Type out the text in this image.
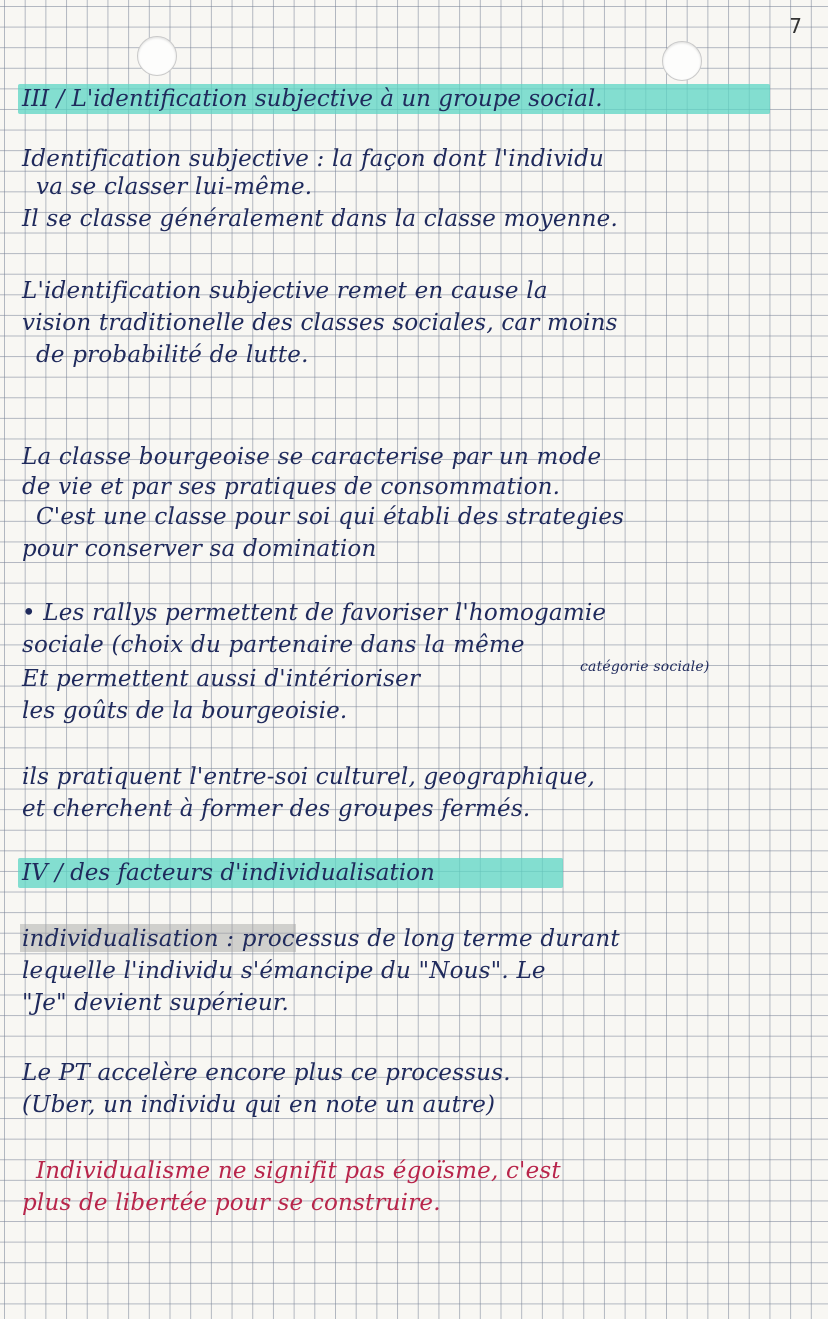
7
III / L'identification subjective à un groupe social.
Identification subjective : la façon dont l'individu
va se classer lui-même.
Il se classe généralement dans la classe moyenne.
L'identification subjective remet en cause la
vision traditionelle des classes sociales, car moins
de probabilité de lutte.
La classe bourgeoise se caracterise par un mode
de vie et par ses pratiques de consommation.
C'est une classe pour soi qui établi des strategies
pour conserver sa domination
• Les rallys permettent de favoriser l'homogamie
sociale (choix du partenaire dans la même
catégorie sociale)
Et permettent aussi d'intérioriser
les goûts de la bourgeoisie.
ils pratiquent l'entre-soi culturel, geographique,
et cherchent à former des groupes fermés.
IV / des facteurs d'individualisation
individualisation : processus de long terme durant
lequelle l'individu s'émancipe du "Nous". Le
"Je" devient supérieur.
Le PT accelère encore plus ce processus.
(Uber, un individu qui en note un autre)
Individualisme ne signifit pas égoïsme, c'est
plus de libertée pour se construire.
